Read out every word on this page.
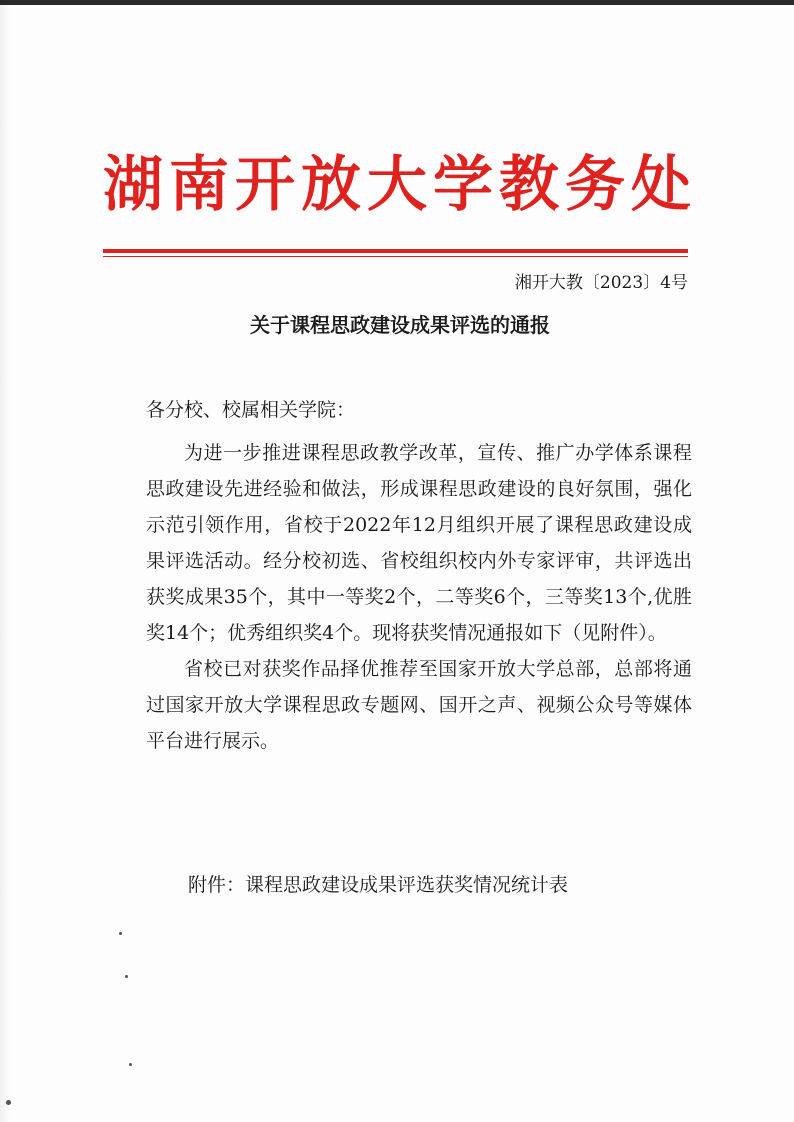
湖南开放大学教务处
湘开大教〔2023〕4号
关于课程思政建设成果评选的通报
各分校、校属相关学院：

为进一步推进课程思政教学改革，宣传、推广办学体系课程思政建设先进经验和做法，形成课程思政建设的良好氛围，强化示范引领作用，省校于2022年12月组织开展了课程思政建设成果评选活动。经分校初选、省校组织校内外专家评审，共评选出获奖成果35个，其中一等奖2个，二等奖6个，三等奖13个,优胜奖14个；优秀组织奖4个。现将获奖情况通报如下（见附件）。

省校已对获奖作品择优推荐至国家开放大学总部，总部将通过国家开放大学课程思政专题网、国开之声、视频公众号等媒体平台进行展示。

附件：课程思政建设成果评选获奖情况统计表
